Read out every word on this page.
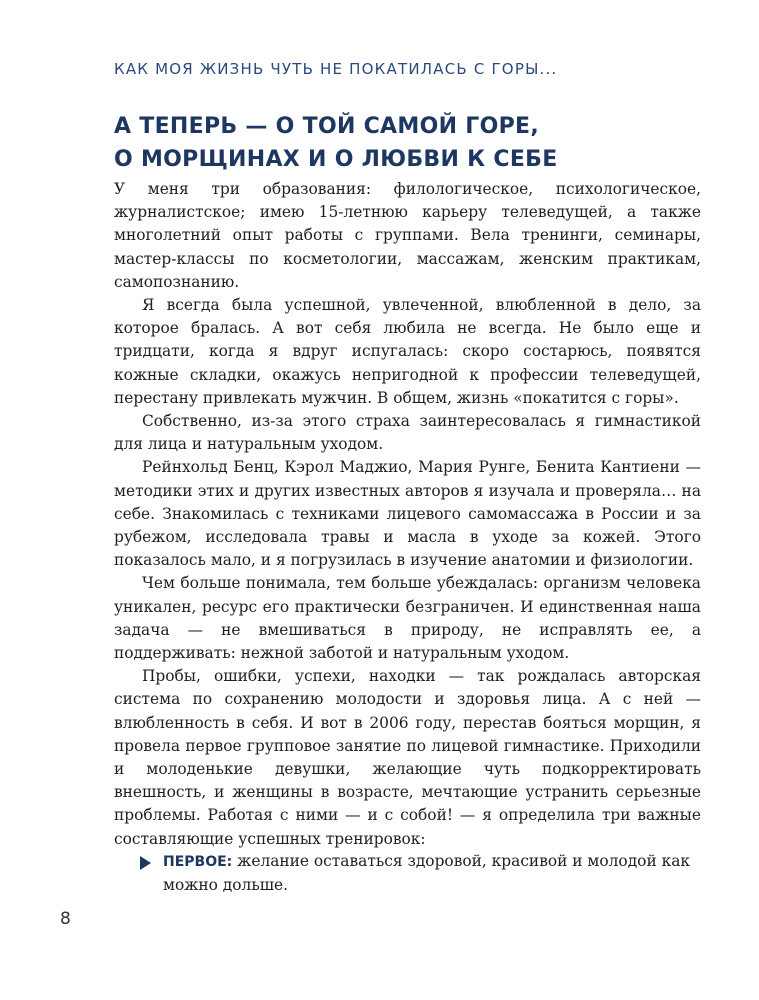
КАК МОЯ ЖИЗНЬ ЧУТЬ НЕ ПОКАТИЛАСЬ С ГОРЫ...
А ТЕПЕРЬ — О ТОЙ САМОЙ ГОРЕ,
О МОРЩИНАХ И О ЛЮБВИ К СЕБЕ

У меня три образования: филологическое, психологическое, журналистское; имею 15-летнюю карьеру телеведущей, а также многолетний опыт работы с группами. Вела тренинги, семинары, мастер-классы по косметологии, массажам, женским практикам, самопознанию.

Я всегда была успешной, увлеченной, влюбленной в дело, за которое бралась. А вот себя любила не всегда. Не было еще и тридцати, когда я вдруг испугалась: скоро состарюсь, появятся кожные складки, окажусь непригодной к профессии телеведущей, перестану привлекать мужчин. В общем, жизнь «покатится с горы».

Собственно, из-за этого страха заинтересовалась я гимнастикой для лица и натуральным уходом.

Рейнхольд Бенц, Кэрол Маджио, Мария Рунге, Бенита Кантиени — методики этих и других известных авторов я изучала и проверяла… на себе. Знакомилась с техниками лицевого самомассажа в России и за рубежом, исследовала травы и масла в уходе за кожей. Этого показалось мало, и я погрузилась в изучение анатомии и физиологии.

Чем больше понимала, тем больше убеждалась: организм человека уникален, ресурс его практически безграничен. И единственная наша задача — не вмешиваться в природу, не исправлять ее, а поддерживать: нежной заботой и натуральным уходом.

Пробы, ошибки, успехи, находки — так рождалась авторская система по сохранению молодости и здоровья лица. А с ней — влюбленность в себя. И вот в 2006 году, перестав бояться морщин, я провела первое групповое занятие по лицевой гимнастике. Приходили и молоденькие девушки, желающие чуть подкорректировать внешность, и женщины в возрасте, мечтающие устранить серьезные проблемы. Работая с ними — и с собой! — я определила три важные составляющие успешных тренировок:

ПЕРВОЕ: желание оставаться здоровой, красивой и молодой как можно дольше.
8
